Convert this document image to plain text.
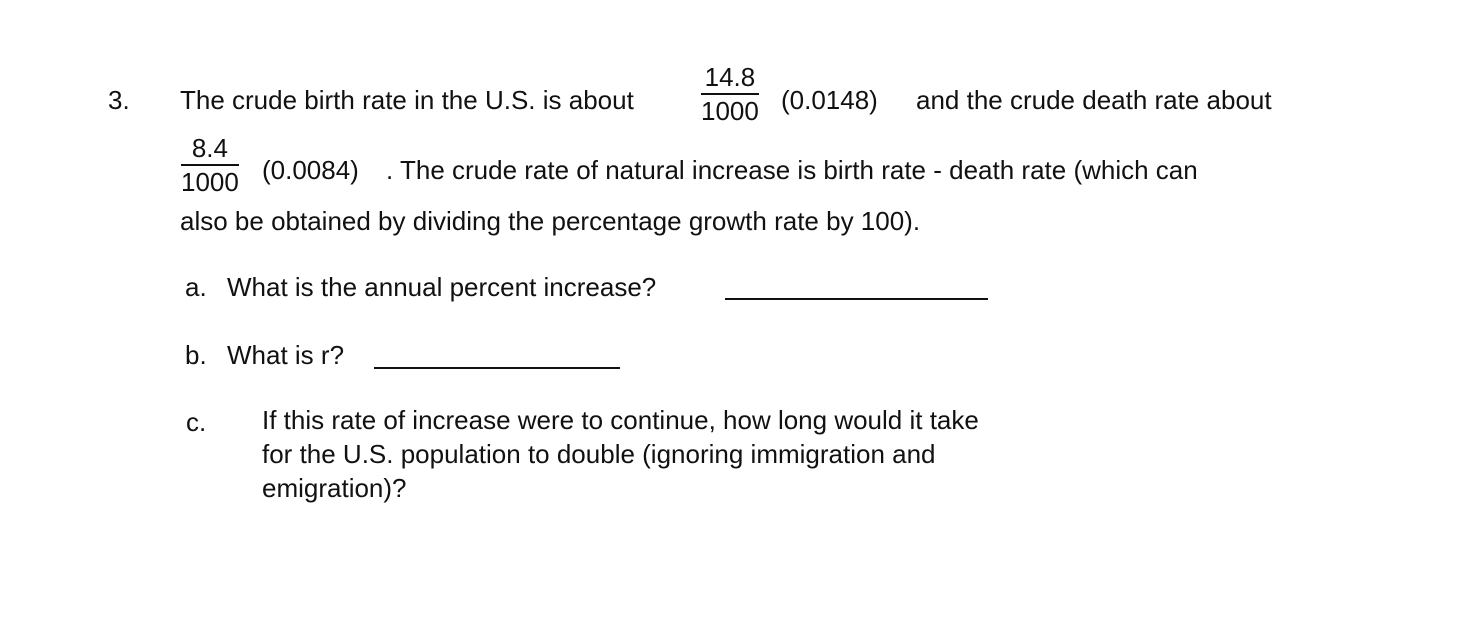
3. The crude birth rate in the U.S. is about
14.8
1000 (0.0148) and the crude death rate about
8.4
1000 (0.0084) . The crude rate of natural increase is birth rate - death rate (which can
also be obtained by dividing the percentage growth rate by 100).
a. What is the annual percent increase?
b. What is r?
c. If this rate of increase were to continue, how long would it take
for the U.S. population to double (ignoring immigration and
emigration)?
